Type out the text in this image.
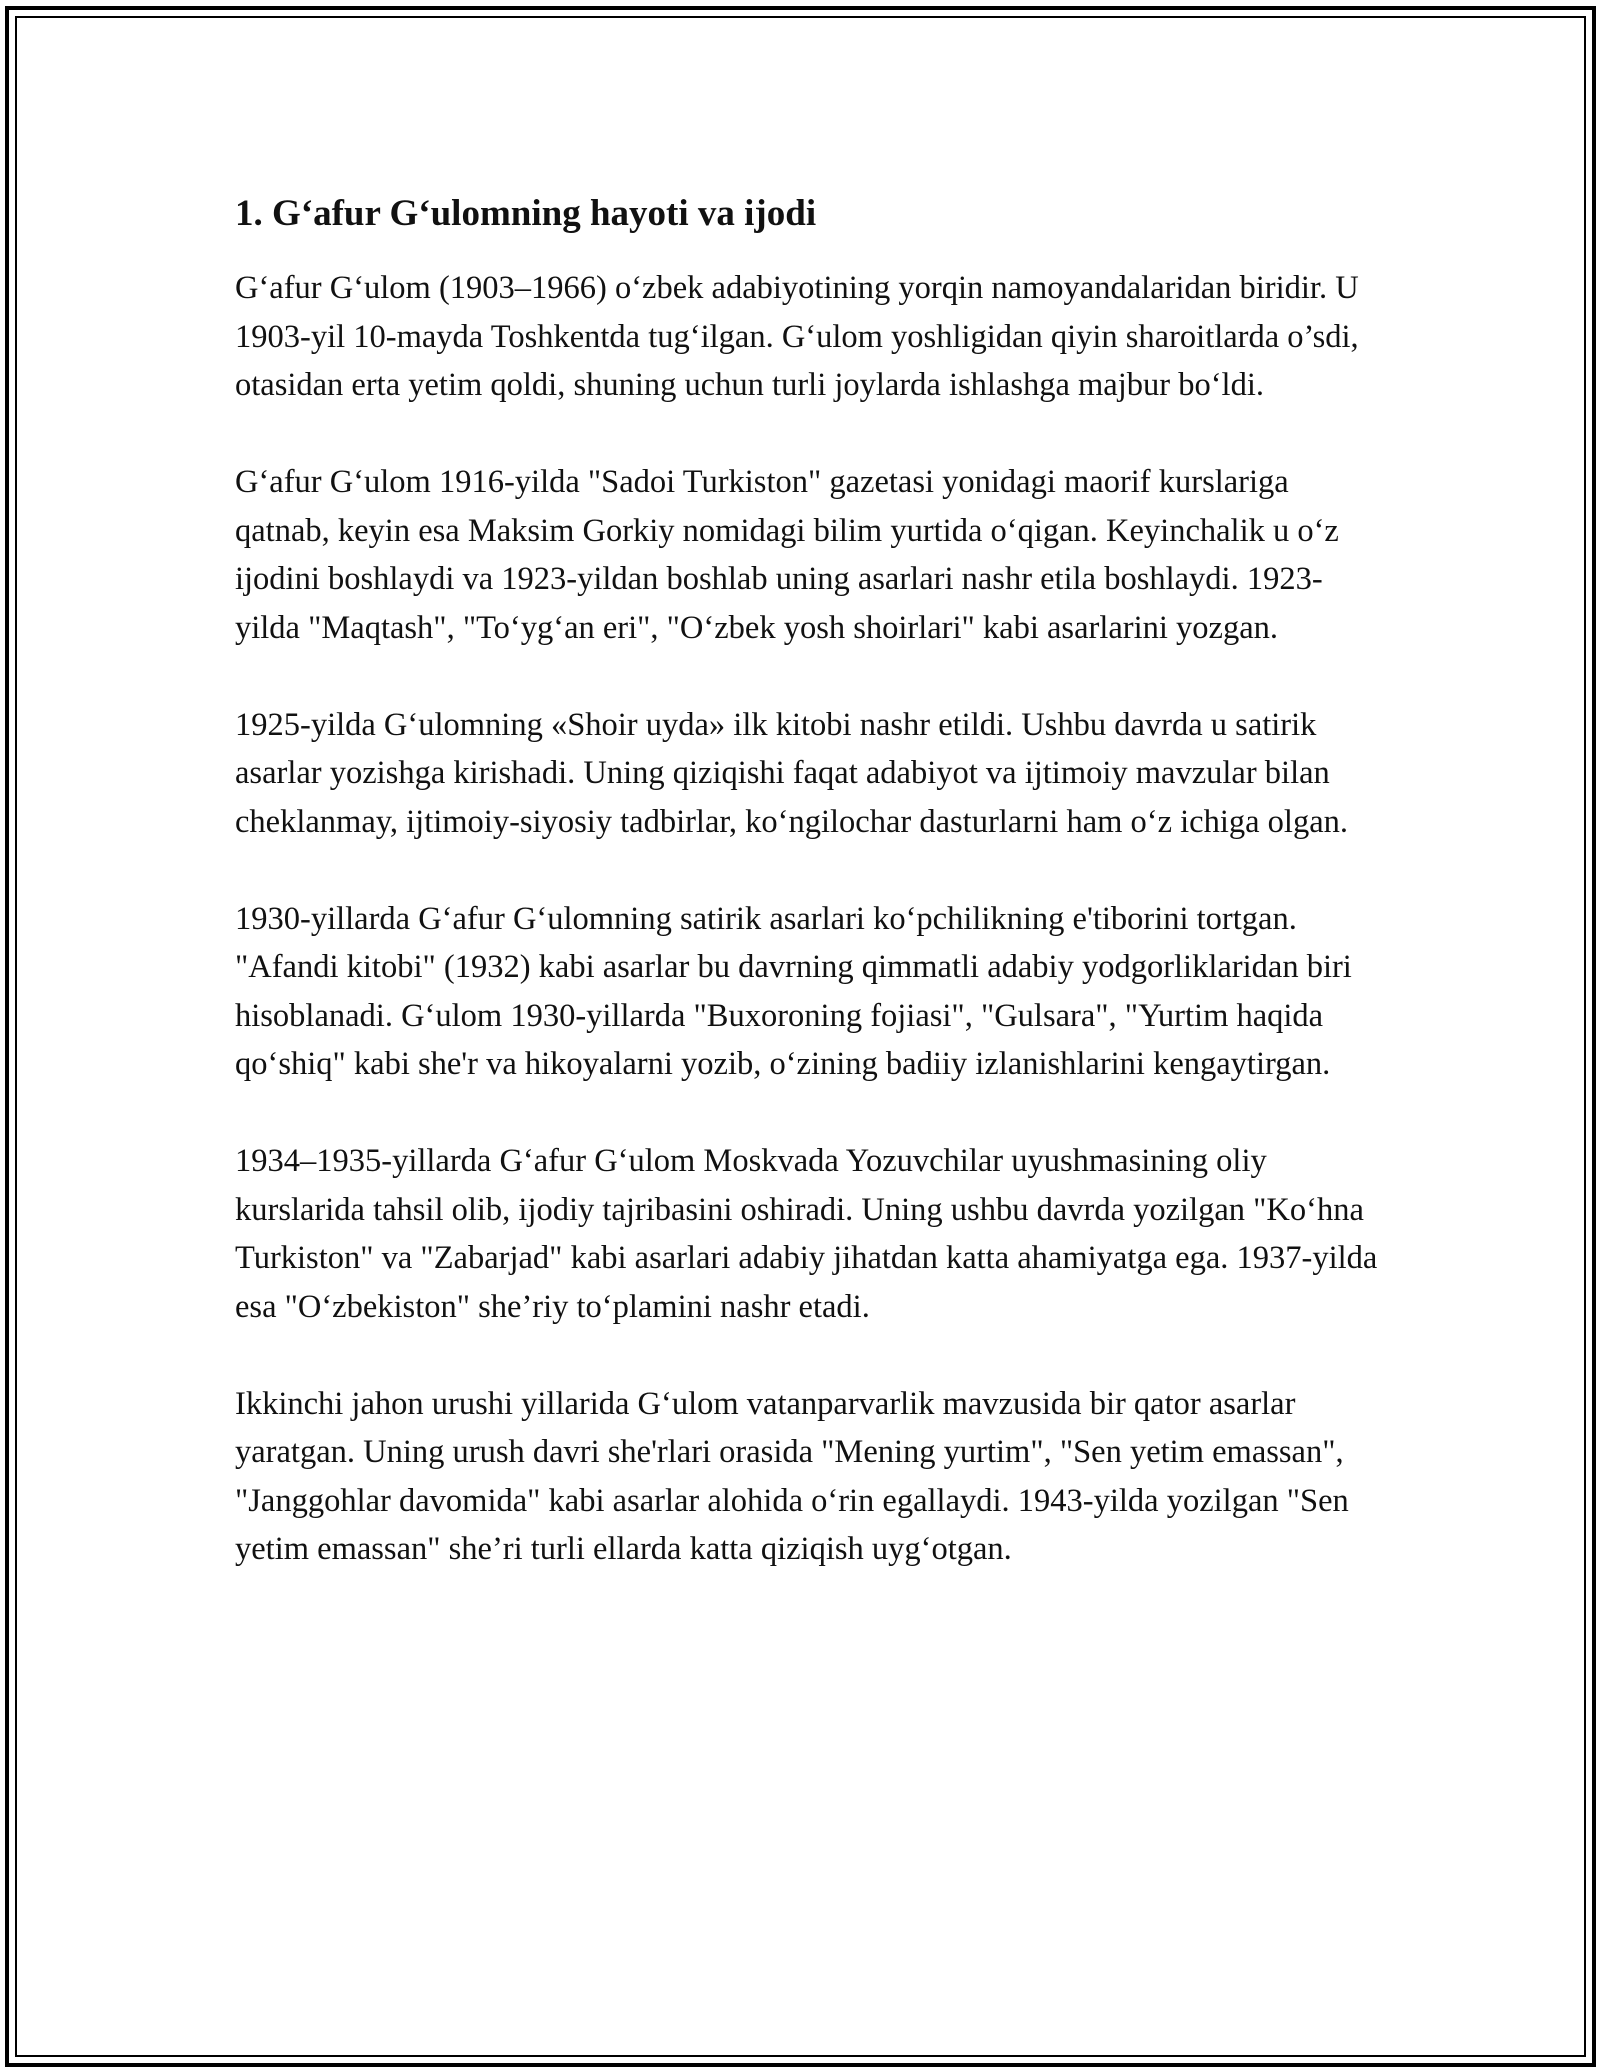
1. G‘afur G‘ulomning hayoti va ijodi

G‘afur G‘ulom (1903–1966) o‘zbek adabiyotining yorqin namoyandalaridan biridir. U 1903-yil 10-mayda Toshkentda tug‘ilgan. G‘ulom yoshligidan qiyin sharoitlarda o’sdi, otasidan erta yetim qoldi, shuning uchun turli joylarda ishlashga majbur bo‘ldi.

G‘afur G‘ulom 1916-yilda "Sadoi Turkiston" gazetasi yonidagi maorif kurslariga qatnab, keyin esa Maksim Gorkiy nomidagi bilim yurtida o‘qigan. Keyinchalik u o‘z ijodini boshlaydi va 1923-yildan boshlab uning asarlari nashr etila boshlaydi. 1923-yilda "Maqtash", "To‘yg‘an eri", "O‘zbek yosh shoirlari" kabi asarlarini yozgan.

1925-yilda G‘ulomning «Shoir uyda» ilk kitobi nashr etildi. Ushbu davrda u satirik asarlar yozishga kirishadi. Uning qiziqishi faqat adabiyot va ijtimoiy mavzular bilan cheklanmay, ijtimoiy-siyosiy tadbirlar, ko‘ngilochar dasturlarni ham o‘z ichiga olgan.

1930-yillarda G‘afur G‘ulomning satirik asarlari ko‘pchilikning e'tiborini tortgan. "Afandi kitobi" (1932) kabi asarlar bu davrning qimmatli adabiy yodgorliklaridan biri hisoblanadi. G‘ulom 1930-yillarda "Buxoroning fojiasi", "Gulsara", "Yurtim haqida qo‘shiq" kabi she'r va hikoyalarni yozib, o‘zining badiiy izlanishlarini kengaytirgan.

1934–1935-yillarda G‘afur G‘ulom Moskvada Yozuvchilar uyushmasining oliy kurslarida tahsil olib, ijodiy tajribasini oshiradi. Uning ushbu davrda yozilgan "Ko‘hna Turkiston" va "Zabarjad" kabi asarlari adabiy jihatdan katta ahamiyatga ega. 1937-yilda esa "O‘zbekiston" she’riy to‘plamini nashr etadi.

Ikkinchi jahon urushi yillarida G‘ulom vatanparvarlik mavzusida bir qator asarlar yaratgan. Uning urush davri she'rlari orasida "Mening yurtim", "Sen yetim emassan", "Janggohlar davomida" kabi asarlar alohida o‘rin egallaydi. 1943-yilda yozilgan "Sen yetim emassan" she’ri turli ellarda katta qiziqish uyg‘otgan.
